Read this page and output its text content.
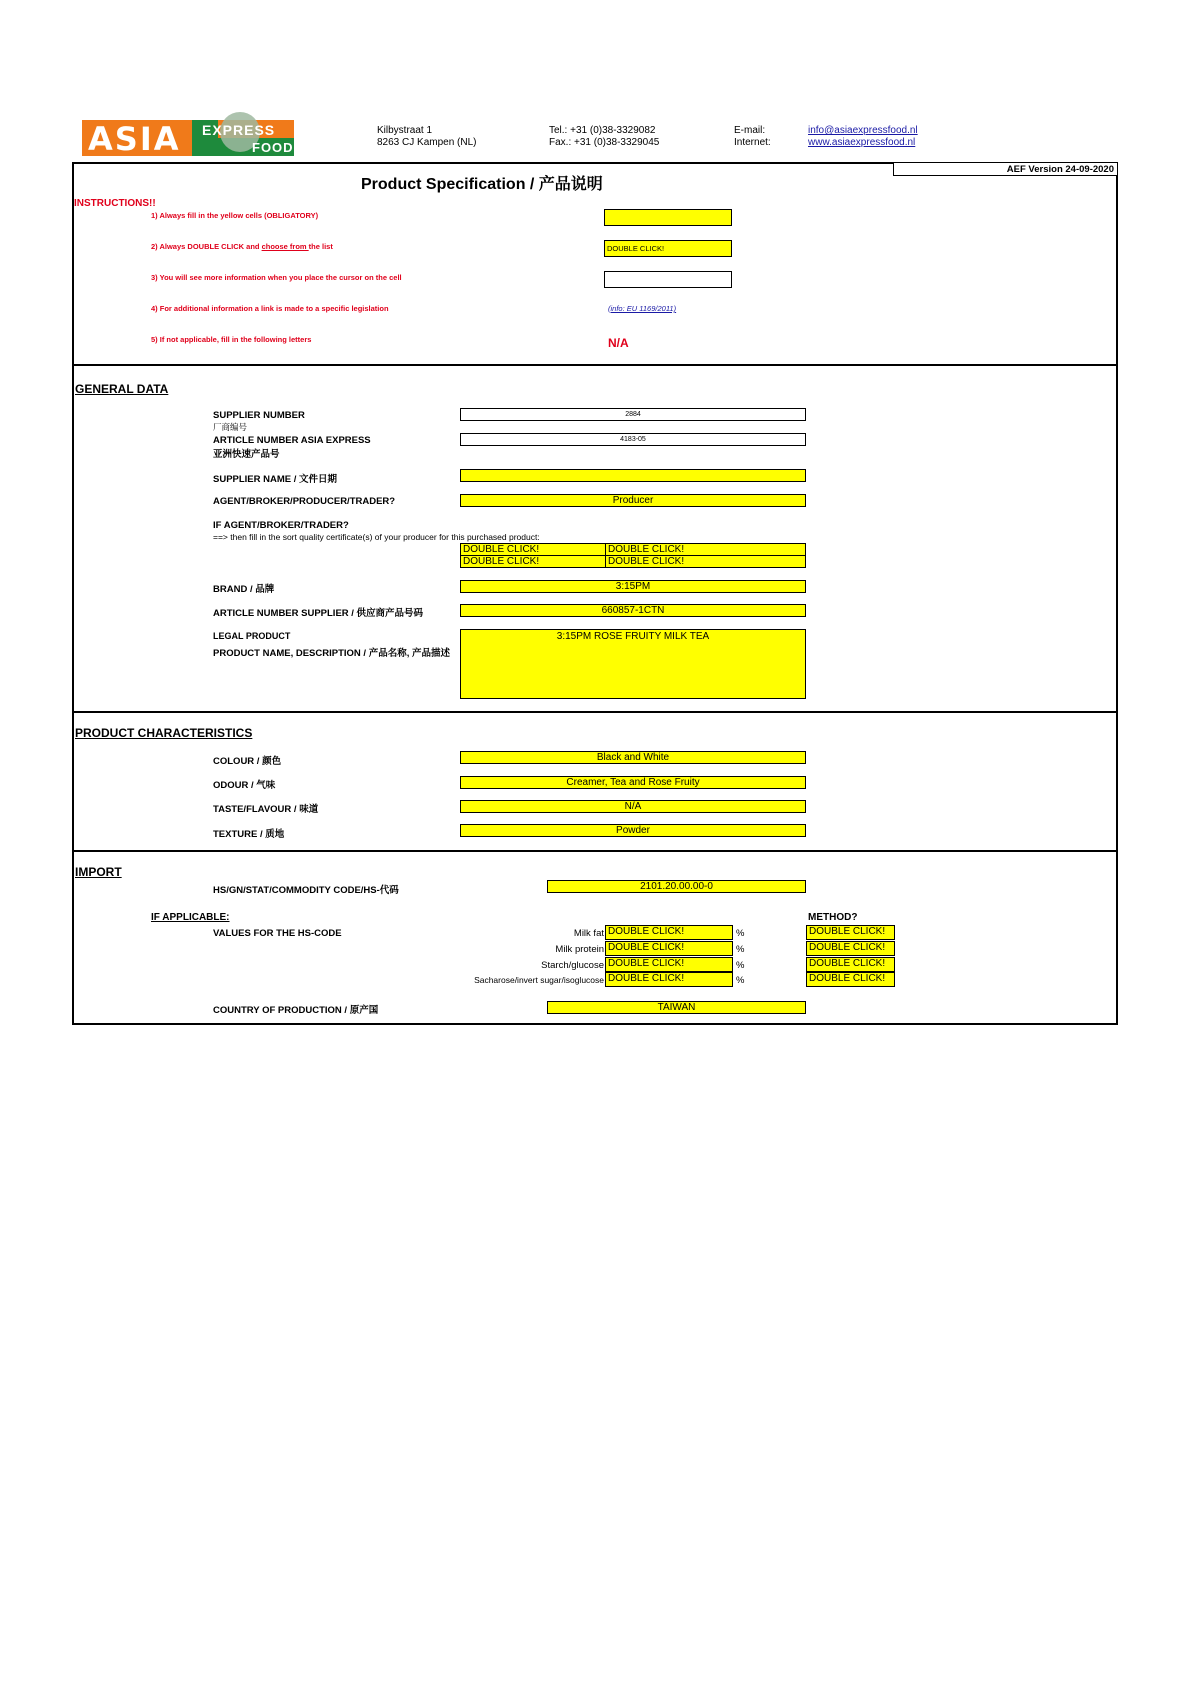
ASIA EXPRESS
FOOD
Kilbystraat 1
8263 CJ Kampen (NL)
Tel.: +31 (0)38-3329082
Fax.: +31 (0)38-3329045
E-mail:
Internet:
info@asiaexpressfood.nl
www.asiaexpressfood.nl
AEF Version 24-09-2020
Product Specification / 产品说明
INSTRUCTIONS!!
1) Always fill in the yellow cells (OBLIGATORY)
2) Always DOUBLE CLICK and choose from the list	DOUBLE CLICK!
3) You will see more information when you place the cursor on the cell
4) For additional information a link is made to a specific legislation	(info: EU 1169/2011)
5) If not applicable, fill in the following letters	N/A
GENERAL DATA
SUPPLIER NUMBER
厂商编号
2884
ARTICLE NUMBER ASIA EXPRESS
亚洲快速产品号
4183-05
SUPPLIER NAME / 文件日期
AGENT/BROKER/PRODUCER/TRADER?	Producer
IF AGENT/BROKER/TRADER?
==> then fill in the sort quality certificate(s) of your producer for this purchased product:
DOUBLE CLICK!	DOUBLE CLICK!
DOUBLE CLICK!	DOUBLE CLICK!
BRAND / 品牌	3:15PM
ARTICLE NUMBER SUPPLIER / 供应商产品号码	660857-1CTN
LEGAL PRODUCT
PRODUCT NAME, DESCRIPTION / 产品名称, 产品描述
3:15PM ROSE FRUITY MILK TEA
PRODUCT CHARACTERISTICS
COLOUR / 颜色	Black and White
ODOUR / 气味	Creamer, Tea and Rose Fruity
TASTE/FLAVOUR / 味道	N/A
TEXTURE / 质地	Powder
IMPORT
HS/GN/STAT/COMMODITY CODE/HS-代码	2101.20.00.00-0
IF APPLICABLE:
VALUES FOR THE HS-CODE
METHOD?
Milk fat DOUBLE CLICK!	%	DOUBLE CLICK!
Milk protein DOUBLE CLICK!	%	DOUBLE CLICK!
Starch/glucose DOUBLE CLICK!	%	DOUBLE CLICK!
Sacharose/invert sugar/isoglucose DOUBLE CLICK!	%	DOUBLE CLICK!
COUNTRY OF PRODUCTION / 原产国	TAIWAN
